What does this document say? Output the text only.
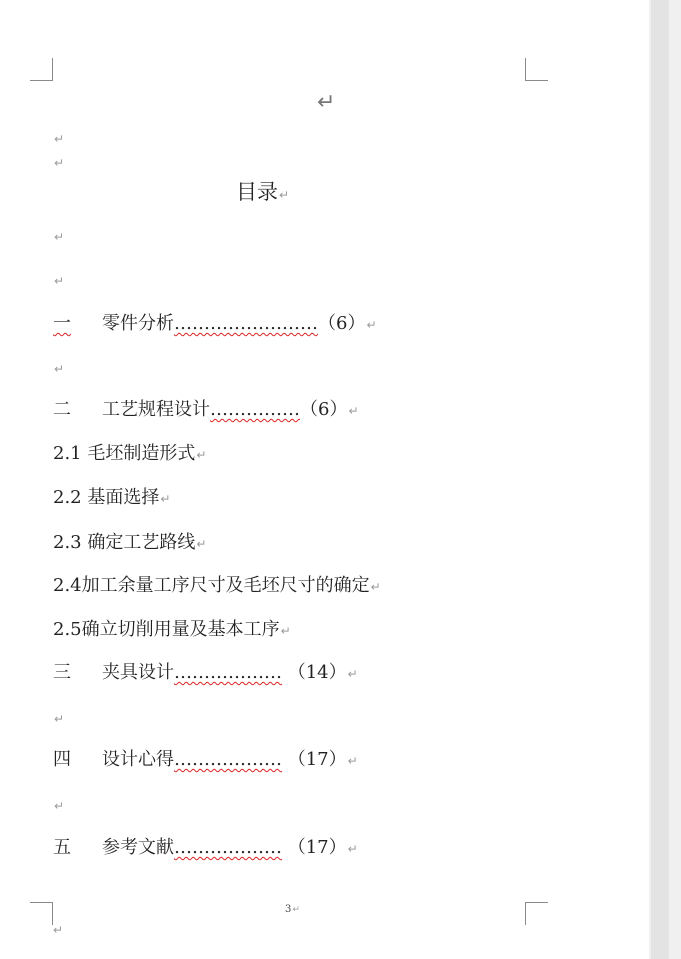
↵
↵
↵
目录↵
↵
↵
一 零件分析……………………（6）↵
↵
二 工艺规程设计……………（6）↵
2.1 毛坯制造形式↵
2.2 基面选择↵
2.3 确定工艺路线↵
2.4加工余量工序尺寸及毛坯尺寸的确定↵
2.5确立切削用量及基本工序↵
三 夹具设计……………… （14）↵
↵
四 设计心得……………… （17）↵
↵
五 参考文献……………… （17）↵
3↵
↵
